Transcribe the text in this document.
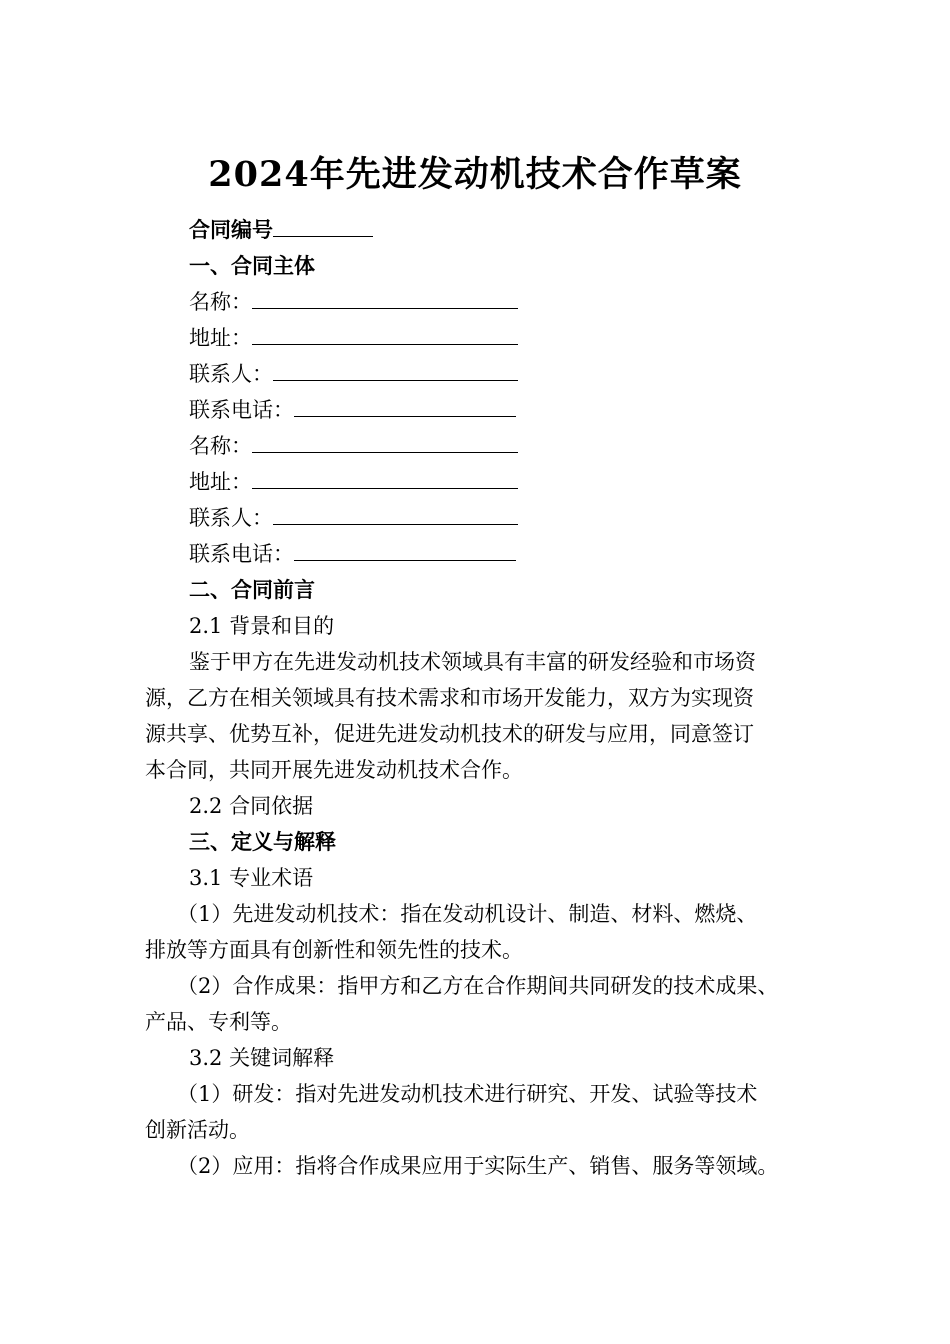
2024年先进发动机技术合作草案
合同编号
一、合同主体
名称：
地址：
联系人：
联系电话：
名称：
地址：
联系人：
联系电话：
二、合同前言
2.1 背景和目的
鉴于甲方在先进发动机技术领域具有丰富的研发经验和市场资
源，乙方在相关领域具有技术需求和市场开发能力，双方为实现资
源共享、优势互补，促进先进发动机技术的研发与应用，同意签订
本合同，共同开展先进发动机技术合作。
2.2 合同依据
三、定义与解释
3.1 专业术语
（1）先进发动机技术：指在发动机设计、制造、材料、燃烧、
排放等方面具有创新性和领先性的技术。
（2）合作成果：指甲方和乙方在合作期间共同研发的技术成果、
产品、专利等。
3.2 关键词解释
（1）研发：指对先进发动机技术进行研究、开发、试验等技术
创新活动。
（2）应用：指将合作成果应用于实际生产、销售、服务等领域。
